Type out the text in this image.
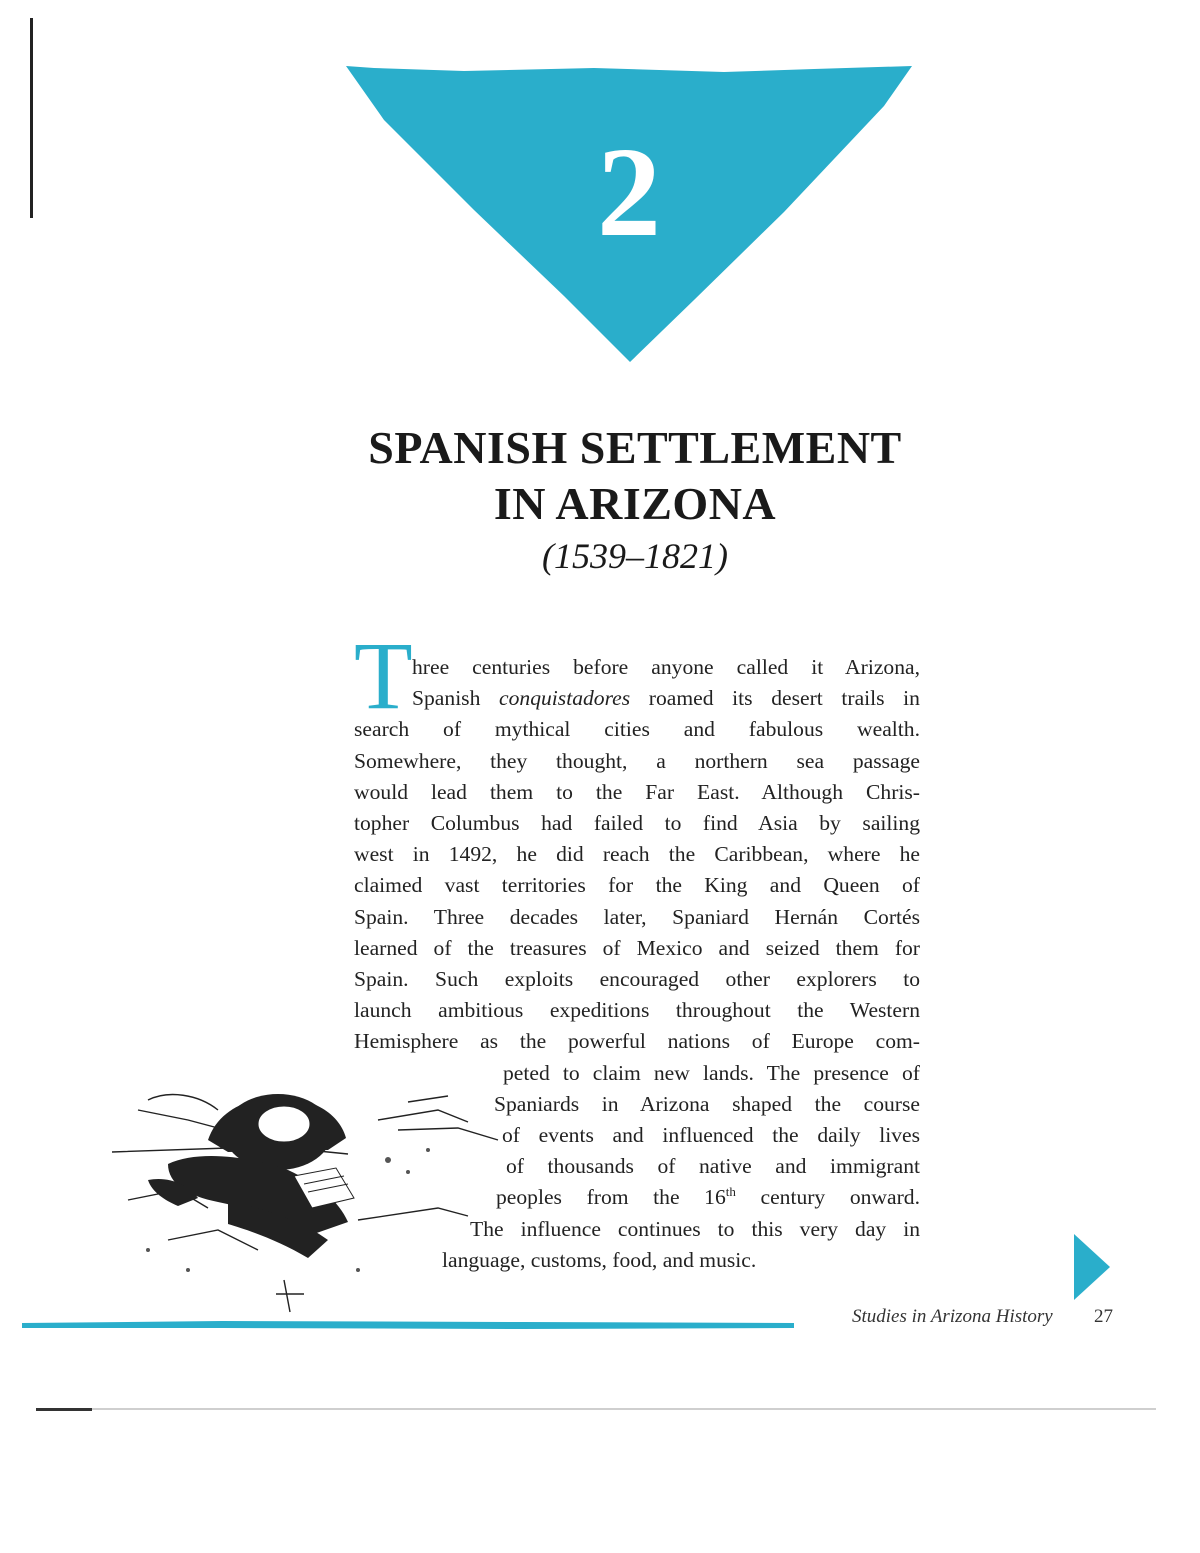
2
SPANISH SETTLEMENT
IN ARIZONA
(1539–1821)
T hree centuries before anyone called it Arizona,
Spanish conquistadores roamed its desert trails in
search of mythical cities and fabulous wealth.
Somewhere, they thought, a northern sea passage
would lead them to the Far East. Although Chris-
topher Columbus had failed to find Asia by sailing
west in 1492, he did reach the Caribbean, where he
claimed vast territories for the King and Queen of
Spain. Three decades later, Spaniard Hernán Cortés
learned of the treasures of Mexico and seized them for
Spain. Such exploits encouraged other explorers to
launch ambitious expeditions throughout the Western
Hemisphere as the powerful nations of Europe com-
peted to claim new lands. The presence of
Spaniards in Arizona shaped the course
of events and influenced the daily lives
of thousands of native and immigrant
peoples from the 16th century onward.
The influence continues to this very day in
language, customs, food, and music.
Studies in Arizona History 27
